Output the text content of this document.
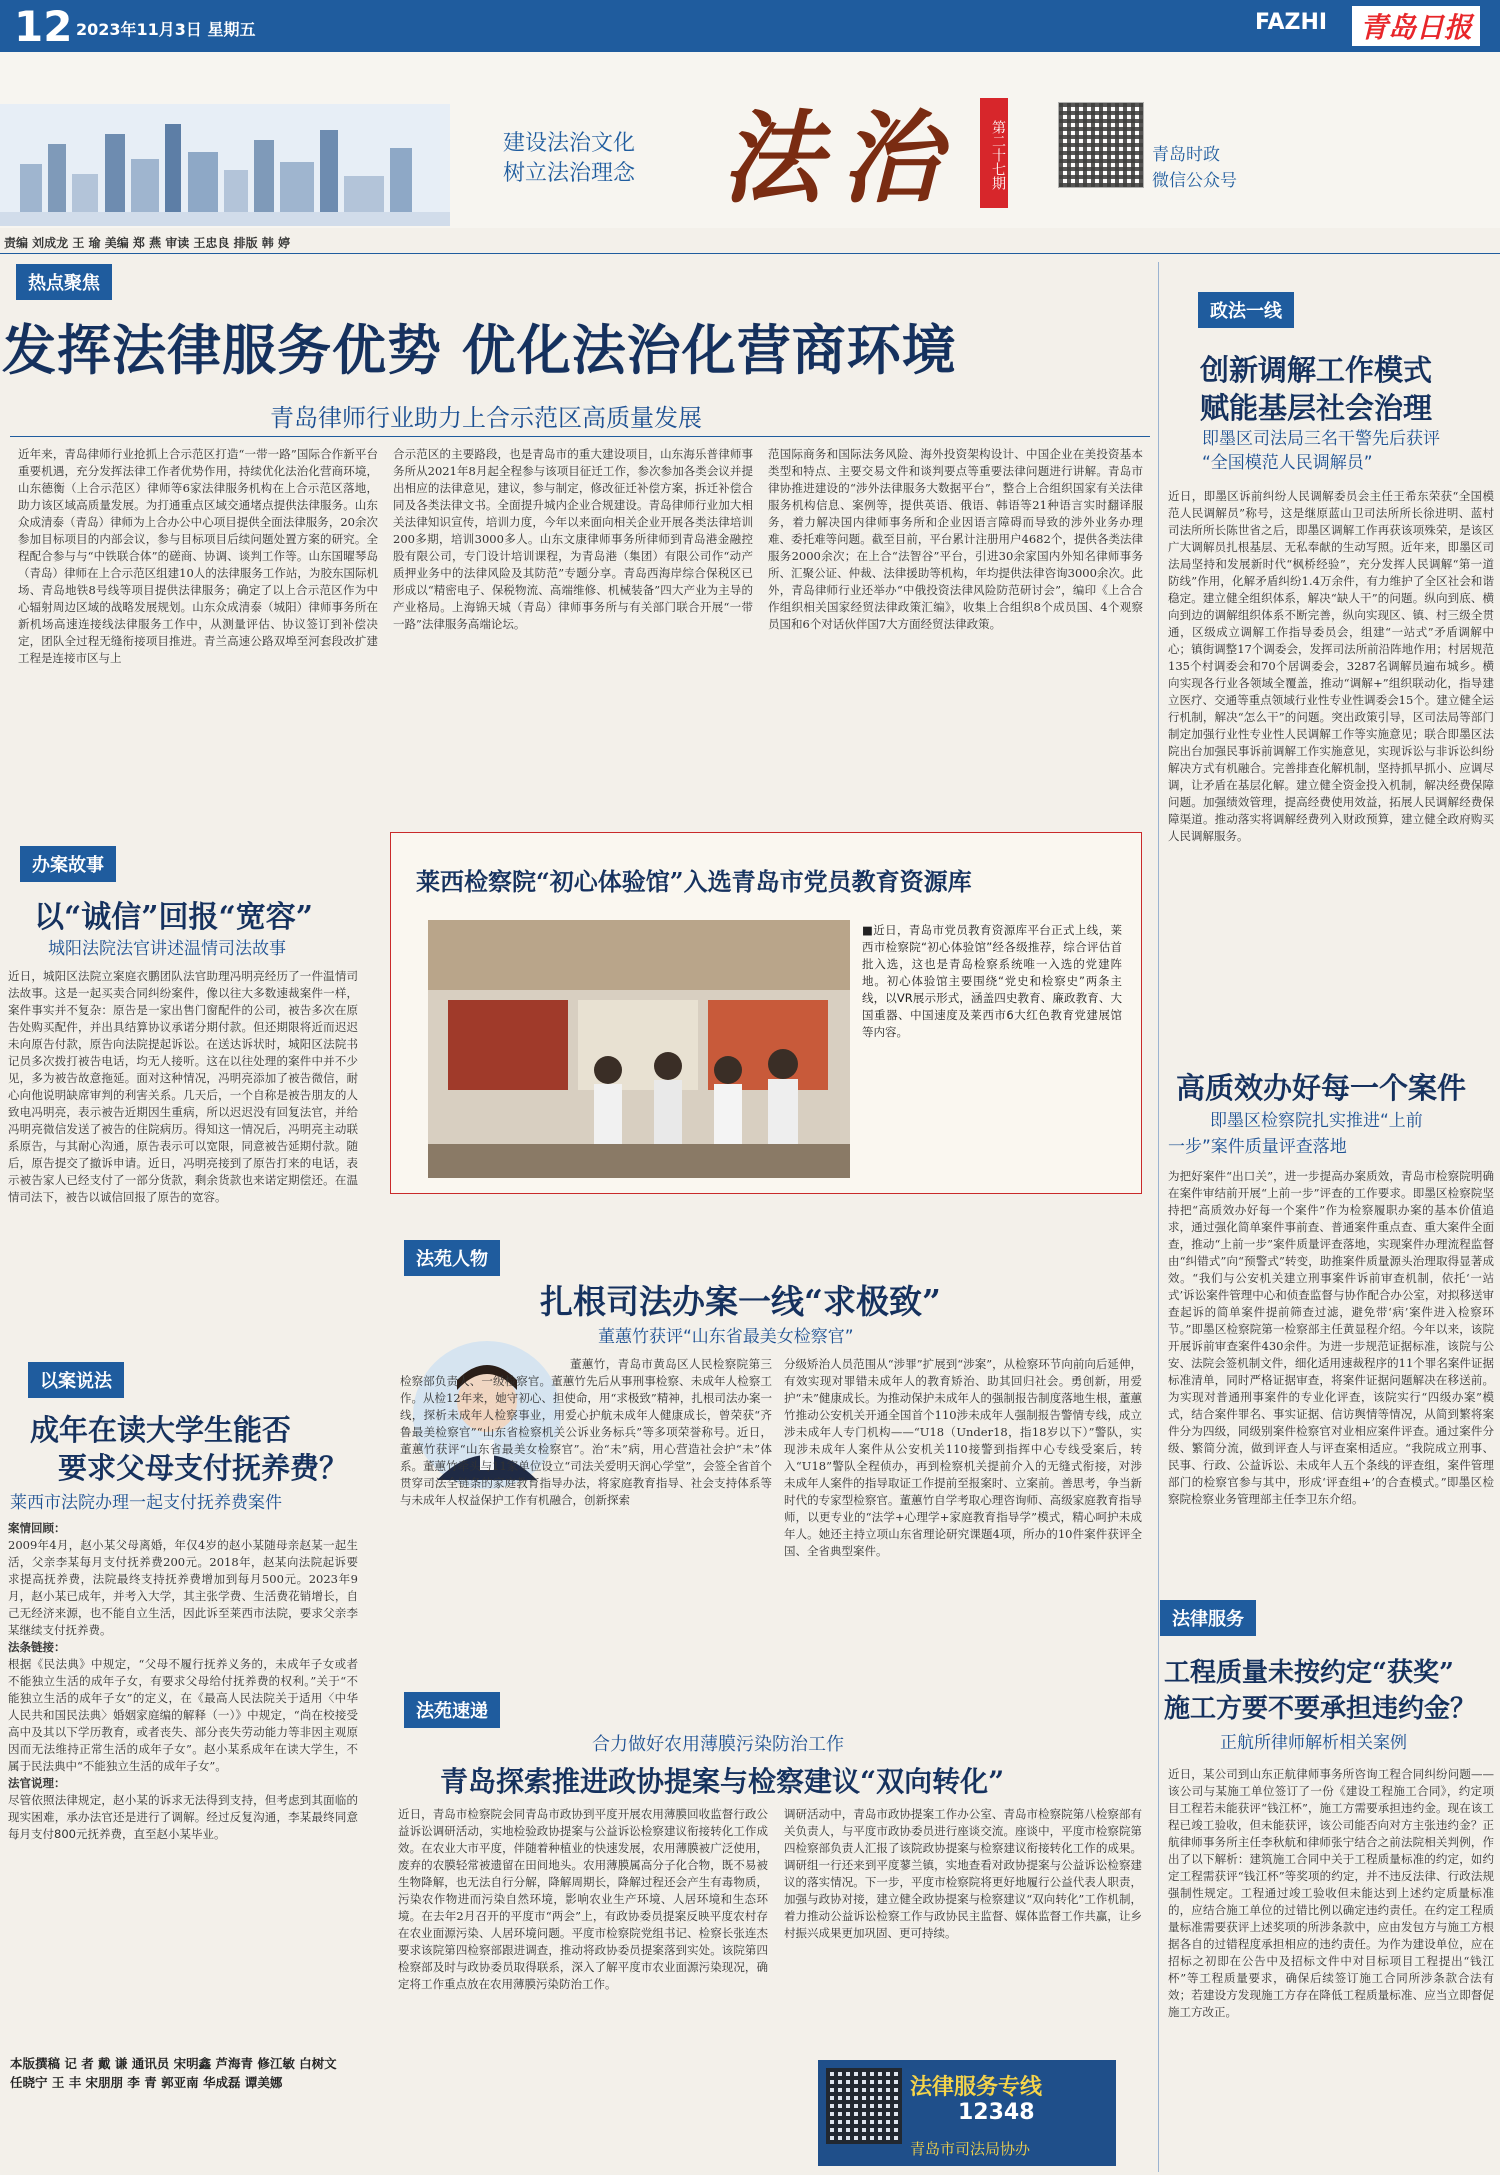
12 2023年11月3日 星期五	FAZHI 青岛日报
建设法治文化
树立法治理念 法治	第二十七期	青岛时政
微信公众号
责编 刘成龙 王 瑜 美编 郑 燕 审读 王忠良 排版 韩 婷
热点聚焦
发挥法律服务优势 优化法治化营商环境
青岛律师行业助力上合示范区高质量发展
近年来，青岛律师行业抢抓上合示范区打造“一带一路”国际合作新平台重要机遇，充分发挥法律工作者优势作用，持续优化法治化营商环境，山东德衡（上合示范区）律师等6家法律服务机构在上合示范区落地，助力该区域高质量发展。为打通重点区域交通堵点提供法律服务。山东众成清泰（青岛）律师为上合办公中心项目提供全面法律服务，20余次参加目标项目的内部会议，参与目标项目后续问题处置方案的研究。全程配合参与与“中铁联合体”的磋商、协调、谈判工作等。山东国曜琴岛（青岛）律师在上合示范区组建10人的法律服务工作站，为胶东国际机场、青岛地铁8号线等项目提供法律服务；确定了以上合示范区作为中心辐射周边区域的战略发展规划。山东众成清泰（城阳）律师事务所在新机场高速连接线法律服务工作中，从测量评估、协议签订到补偿决定，团队全过程无缝衔接项目推进。青兰高速公路双埠至河套段改扩建工程是连接市区与上
合示范区的主要路段，也是青岛市的重大建设项目，山东海乐普律师事务所从2021年8月起全程参与该项目征迁工作，参次参加各类会议并提出相应的法律意见，建议，参与制定，修改征迁补偿方案，拆迁补偿合同及各类法律文书。全面提升城内企业合规建设。青岛律师行业加大相关法律知识宣传，培训力度，今年以来面向相关企业开展各类法律培训200多期，培训3000多人。山东文康律师事务所律师到青岛港金融控股有限公司，专门设计培训课程，为青岛港（集团）有限公司作“动产质押业务中的法律风险及其防范”专题分享。青岛西海岸综合保税区已形成以“精密电子、保税物流、高端维修、机械装备”四大产业为主导的产业格局。上海锦天城（青岛）律师事务所与有关部门联合开展“一带一路”法律服务高端论坛。
范国际商务和国际法务风险、海外投资架构设计、中国企业在美投资基本类型和特点、主要交易文件和谈判要点等重要法律问题进行讲解。青岛市律协推进建设的“涉外法律服务大数据平台”，整合上合组织国家有关法律服务机构信息、案例等，提供英语、俄语、韩语等21种语言实时翻译服务，着力解决国内律师事务所和企业因语言障碍而导致的涉外业务办理难、委托难等问题。截至目前，平台累计注册用户4682个，提供各类法律服务2000余次；在上合“法智谷”平台，引进30余家国内外知名律师事务所、汇聚公证、仲裁、法律援助等机构，年均提供法律咨询3000余次。此外，青岛律师行业还举办“中俄投资法律风险防范研讨会”，编印《上合合作组织相关国家经贸法律政策汇编》，收集上合组织8个成员国、4个观察员国和6个对话伙伴国7大方面经贸法律政策。
政法一线
创新调解工作模式
赋能基层社会治理
即墨区司法局三名干警先后获评
“全国模范人民调解员”
近日，即墨区诉前纠纷人民调解委员会主任王希东荣获“全国模范人民调解员”称号，这是继原蓝山卫司法所所长徐进明、蓝村司法所所长陈世省之后，即墨区调解工作再获该项殊荣，是该区广大调解员扎根基层、无私奉献的生动写照。近年来，即墨区司法局坚持和发展新时代“枫桥经验”，充分发挥人民调解“第一道防线”作用，化解矛盾纠纷1.4万余件，有力维护了全区社会和谐稳定。建立健全组织体系，解决“缺人干”的问题。纵向到底、横向到边的调解组织体系不断完善，纵向实现区、镇、村三级全贯通，区级成立调解工作指导委员会，组建“一站式”矛盾调解中心；镇街调整17个调委会，发挥司法所前沿阵地作用；村居规范135个村调委会和70个居调委会，3287名调解员遍布城乡。横向实现各行业各领域全覆盖，推动“调解+”组织联动化，指导建立医疗、交通等重点领域行业性专业性调委会15个。建立健全运行机制，解决“怎么干”的问题。突出政策引导，区司法局等部门制定加强行业性专业性人民调解工作等实施意见；联合即墨区法院出台加强民事诉前调解工作实施意见，实现诉讼与非诉讼纠纷解决方式有机融合。完善排查化解机制，坚持抓早抓小、应调尽调，让矛盾在基层化解。建立健全资金投入机制，解决经费保障问题。加强绩效管理，提高经费使用效益，拓展人民调解经费保障渠道。推动落实将调解经费列入财政预算，建立健全政府购买人民调解服务。
高质效办好每一个案件
即墨区检察院扎实推进“上前
一步”案件质量评查落地
为把好案件“出口关”，进一步提高办案质效，青岛市检察院明确在案件审结前开展“上前一步”评查的工作要求。即墨区检察院坚持把“高质效办好每一个案件”作为检察履职办案的基本价值追求，通过强化简单案件事前查、普通案件重点查、重大案件全面查，推动“上前一步”案件质量评查落地，实现案件办理流程监督由“纠错式”向“预警式”转变，助推案件质量源头治理取得显著成效。“我们与公安机关建立刑事案件诉前审查机制，依托‘一站式’诉讼案件管理中心和侦查监督与协作配合办公室，对拟移送审查起诉的简单案件提前筛查过滤，避免带‘病’案件进入检察环节。”即墨区检察院第一检察部主任黄显程介绍。今年以来，该院开展诉前审查案件430余件。为进一步规范证据标准，该院与公安、法院会签机制文件，细化适用速裁程序的11个罪名案件证据标准清单，同时严格证据审查，将案件证据问题解决在移送前。为实现对普通刑事案件的专业化评查，该院实行“四级办案”模式，结合案件罪名、事实证据、信访舆情等情况，从简到繁将案件分为四级，同级别案件检察官对业相应案件评查。通过案件分级、繁简分流，做到评查人与评查案相适应。“我院成立刑事、民事、行政、公益诉讼、未成年人五个条线的评查组，案件管理部门的检察官参与其中，形成‘评查组+’的合查模式。”即墨区检察院检察业务管理部主任李卫东介绍。
法律服务
工程质量未按约定“获奖”
施工方要不要承担违约金？
正航所律师解析相关案例
近日，某公司到山东正航律师事务所咨询工程合同纠纷问题——该公司与某施工单位签订了一份《建设工程施工合同》，约定项目工程若未能获评“钱江杯”，施工方需要承担违约金。现在该工程已竣工验收，但未能获评，该公司能否向对方主张违约金？正航律师事务所主任李秋航和律师张宁结合之前法院相关判例，作出了以下解析：建筑施工合同中关于工程质量标准的约定，如约定工程需获评“钱江杯”等奖项的约定，并不违反法律、行政法规强制性规定。工程通过竣工验收但未能达到上述约定质量标准的，应结合施工单位的过错比例以确定违约责任。在约定工程质量标准需要获评上述奖项的所涉条款中，应由发包方与施工方根据各自的过错程度承担相应的违约责任。为作为建设单位，应在招标之初即在公告中及招标文件中对目标项目工程提出“钱江杯”等工程质量要求，确保后续签订施工合同所涉条款合法有效；若建设方发现施工方存在降低工程质量标准、应当立即督促施工方改正。
办案故事
以“诚信”回报“宽容”
城阳法院法官讲述温情司法故事
近日，城阳区法院立案庭衣鹏团队法官助理冯明亮经历了一件温情司法故事。这是一起买卖合同纠纷案件，像以往大多数速裁案件一样，案件事实并不复杂：原告是一家出售门窗配件的公司，被告多次在原告处购买配件，并出具结算协议承诺分期付款。但还期限将近而迟迟未向原告付款，原告向法院提起诉讼。在送达诉状时，城阳区法院书记员多次拨打被告电话，均无人接听。这在以往处理的案件中并不少见，多为被告故意拖延。面对这种情况，冯明亮添加了被告微信，耐心向他说明缺席审判的利害关系。几天后，一个自称是被告朋友的人致电冯明亮，表示被告近期因生重病，所以迟迟没有回复法官，并给冯明亮微信发送了被告的住院病历。得知这一情况后，冯明亮主动联系原告，与其耐心沟通，原告表示可以宽限，同意被告延期付款。随后，原告提交了撤诉申请。近日，冯明亮接到了原告打来的电话，表示被告家人已经支付了一部分货款，剩余货款也来诺定期偿还。在温情司法下，被告以诚信回报了原告的宽容。
以案说法
成年在读大学生能否
要求父母支付抚养费？
莱西市法院办理一起支付抚养费案件
案情回顾：
2009年4月，赵小某父母离婚，年仅4岁的赵小某随母亲赵某一起生活，父亲李某每月支付抚养费200元。2018年，赵某向法院起诉要求提高抚养费，法院最终支持抚养费增加到每月500元。2023年9月，赵小某已成年，并考入大学，其主张学费、生活费花销增长，自己无经济来源，也不能自立生活，因此诉至莱西市法院，要求父亲李某继续支付抚养费。
法条链接：
根据《民法典》中规定，“父母不履行抚养义务的，未成年子女或者不能独立生活的成年子女，有要求父母给付抚养费的权利。”关于“不能独立生活的成年子女”的定义，在《最高人民法院关于适用〈中华人民共和国民法典〉婚姻家庭编的解释（一）》中规定，“尚在校接受高中及其以下学历教育，或者丧失、部分丧失劳动能力等非因主观原因而无法维持正常生活的成年子女”。赵小某系成年在读大学生，不属于民法典中“不能独立生活的成年子女”。
法官说理：
尽管依照法律规定，赵小某的诉求无法得到支持，但考虑到其面临的现实困难，承办法官还是进行了调解。经过反复沟通，李某最终同意每月支付800元抚养费，直至赵小某毕业。
本版撰稿 记 者 戴 谦 通讯员 宋明鑫 芦海青 修江敏 白树文 任晓宁 王 丰 宋朋朋 李 青 郭亚南 华成磊 谭美娜
莱西检察院“初心体验馆”入选青岛市党员教育资源库
■近日，青岛市党员教育资源库平台正式上线，莱西市检察院“初心体验馆”经各级推荐，综合评估首批入选，这也是青岛检察系统唯一入选的党建阵地。初心体验馆主要围绕“党史和检察史”两条主线，以VR展示形式，涵盖四史教育、廉政教育、大国重器、中国速度及莱西市6大红色教育党建展馆等内容。
法苑人物
扎根司法办案一线“求极致”
董蕙竹获评“山东省最美女检察官”
董蕙竹，青岛市黄岛区人民检察院第三检察部负责人、一级检察官。董蕙竹先后从事刑事检察、未成年人检察工作。从检12年来，她守初心、担使命，用“求极致”精神，扎根司法办案一线，探析未成年人检察事业，用爱心护航未成年人健康成长，曾荣获“齐鲁最美检察官”“山东省检察机关公诉业务标兵”等多项荣誉称号。近日，董蕙竹获评“山东省最美女检察官”。治“未”病，用心营造社会护“未”体系。董蕙竹牵头与11家单位设立“司法关爱明天润心学堂”，会签全省首个贯穿司法全链条的家庭教育指导办法，将家庭教育指导、社会支持体系等与未成年人权益保护工作有机融合，创新探索
分级矫治人员范围从“涉罪”扩展到“涉案”，从检察环节向前向后延伸，有效实现对罪错未成年人的教育矫治、助其回归社会。勇创新，用爱护“未”健康成长。为推动保护未成年人的强制报告制度落地生根，董蕙竹推动公安机关开通全国首个110涉未成年人强制报告警情专线，成立涉未成年人专门机构——“U18（Under18，指18岁以下）”警队，实现涉未成年人案件从公安机关110接警到指挥中心专线受案后，转入“U18”警队全程侦办，再到检察机关提前介入的无缝式衔接，对涉未成年人案件的指导取证工作提前至报案时、立案前。善思考，争当新时代的专家型检察官。董蕙竹自学考取心理咨询师、高级家庭教育指导师，以更专业的“法学+心理学+家庭教育指导学”模式，精心呵护未成年人。她还主持立项山东省理论研究课题4项，所办的10件案件获评全国、全省典型案件。
法苑速递
合力做好农用薄膜污染防治工作
青岛探索推进政协提案与检察建议“双向转化”
近日，青岛市检察院会同青岛市政协到平度开展农用薄膜回收监督行政公益诉讼调研活动，实地检验政协提案与公益诉讼检察建议衔接转化工作成效。在农业大市平度，伴随着种植业的快速发展，农用薄膜被广泛使用，废弃的农膜轻常被遗留在田间地头。农用薄膜属高分子化合物，既不易被生物降解，也无法自行分解，降解周期长，降解过程还会产生有毒物质，污染农作物进而污染自然环境，影响农业生产环境、人居环境和生态环境。在去年2月召开的平度市“两会”上，有政协委员提案反映平度农村存在农业面源污染、人居环境问题。平度市检察院党组书记、检察长张连杰要求该院第四检察部跟进调查，推动将政协委员提案落到实处。该院第四检察部及时与政协委员取得联系，深入了解平度市农业面源污染现况，确定将工作重点放在农用薄膜污染防治工作。
调研活动中，青岛市政协提案工作办公室、青岛市检察院第八检察部有关负责人，与平度市政协委员进行座谈交流。座谈中，平度市检察院第四检察部负责人汇报了该院政协提案与检察建议衔接转化工作的成果。调研组一行还来到平度蓼兰镇，实地查看对政协提案与公益诉讼检察建议的落实情况。下一步，平度市检察院将更好地履行公益代表人职责，加强与政协对接，建立健全政协提案与检察建议“双向转化”工作机制，着力推动公益诉讼检察工作与政协民主监督、媒体监督工作共赢，让乡村振兴成果更加巩固、更可持续。
法律服务专线
12348
青岛市司法局协办
